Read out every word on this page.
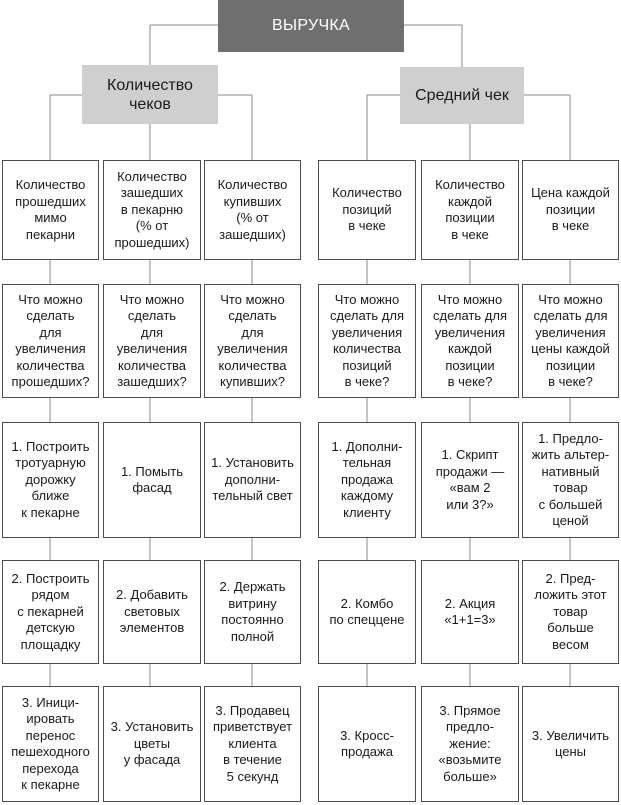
ВЫРУЧКА
Количество
чеков	Средний чек
Количество
прошедших
мимо
пекарни
Что можно
сделать
для
увеличения
количества
прошедших?
1. Построить
тротуарную
дорожку
ближе
к пекарне
2. Построить
рядом
с пекарней
детскую
площадку
3. Иници-
ировать
перенос
пешеходного
перехода
к пекарне
Количество
зашедших
в пекарню
(% от
прошедших)
Что можно
сделать
для
увеличения
количества
зашедших?
1. Помыть
фасад
2. Добавить
световых
элементов
3. Установить
цветы
у фасада
Количество
купивших
(% от
зашедших)
Что можно
сделать
для
увеличения
количества
купивших?
1. Установить
дополни-
тельный свет
2. Держать
витрину
постоянно
полной
3. Продавец
приветствует
клиента
в течение
5 секунд
Количество
позиций
в чеке
Что можно
сделать для
увеличения
количества
позиций
в чеке?
1. Дополни-
тельная
продажа
каждому
клиенту
2. Комбо
по спеццене
3. Кросс-
продажа
Количество
каждой
позиции
в чеке
Что можно
сделать для
увеличения
каждой
позиции
в чеке?
1. Скрипт
продажи —
«вам 2
или 3?»
2. Акция
«1+1=3»
3. Прямое
предло-
жение:
«возьмите
больше»
Цена каждой
позиции
в чеке
Что можно
сделать для
увеличения
цены каждой
позиции
в чеке?
1. Предло-
жить альтер-
нативный
товар
с большей
ценой
2. Пред-
ложить этот
товар
больше
весом
3. Увеличить
цены
